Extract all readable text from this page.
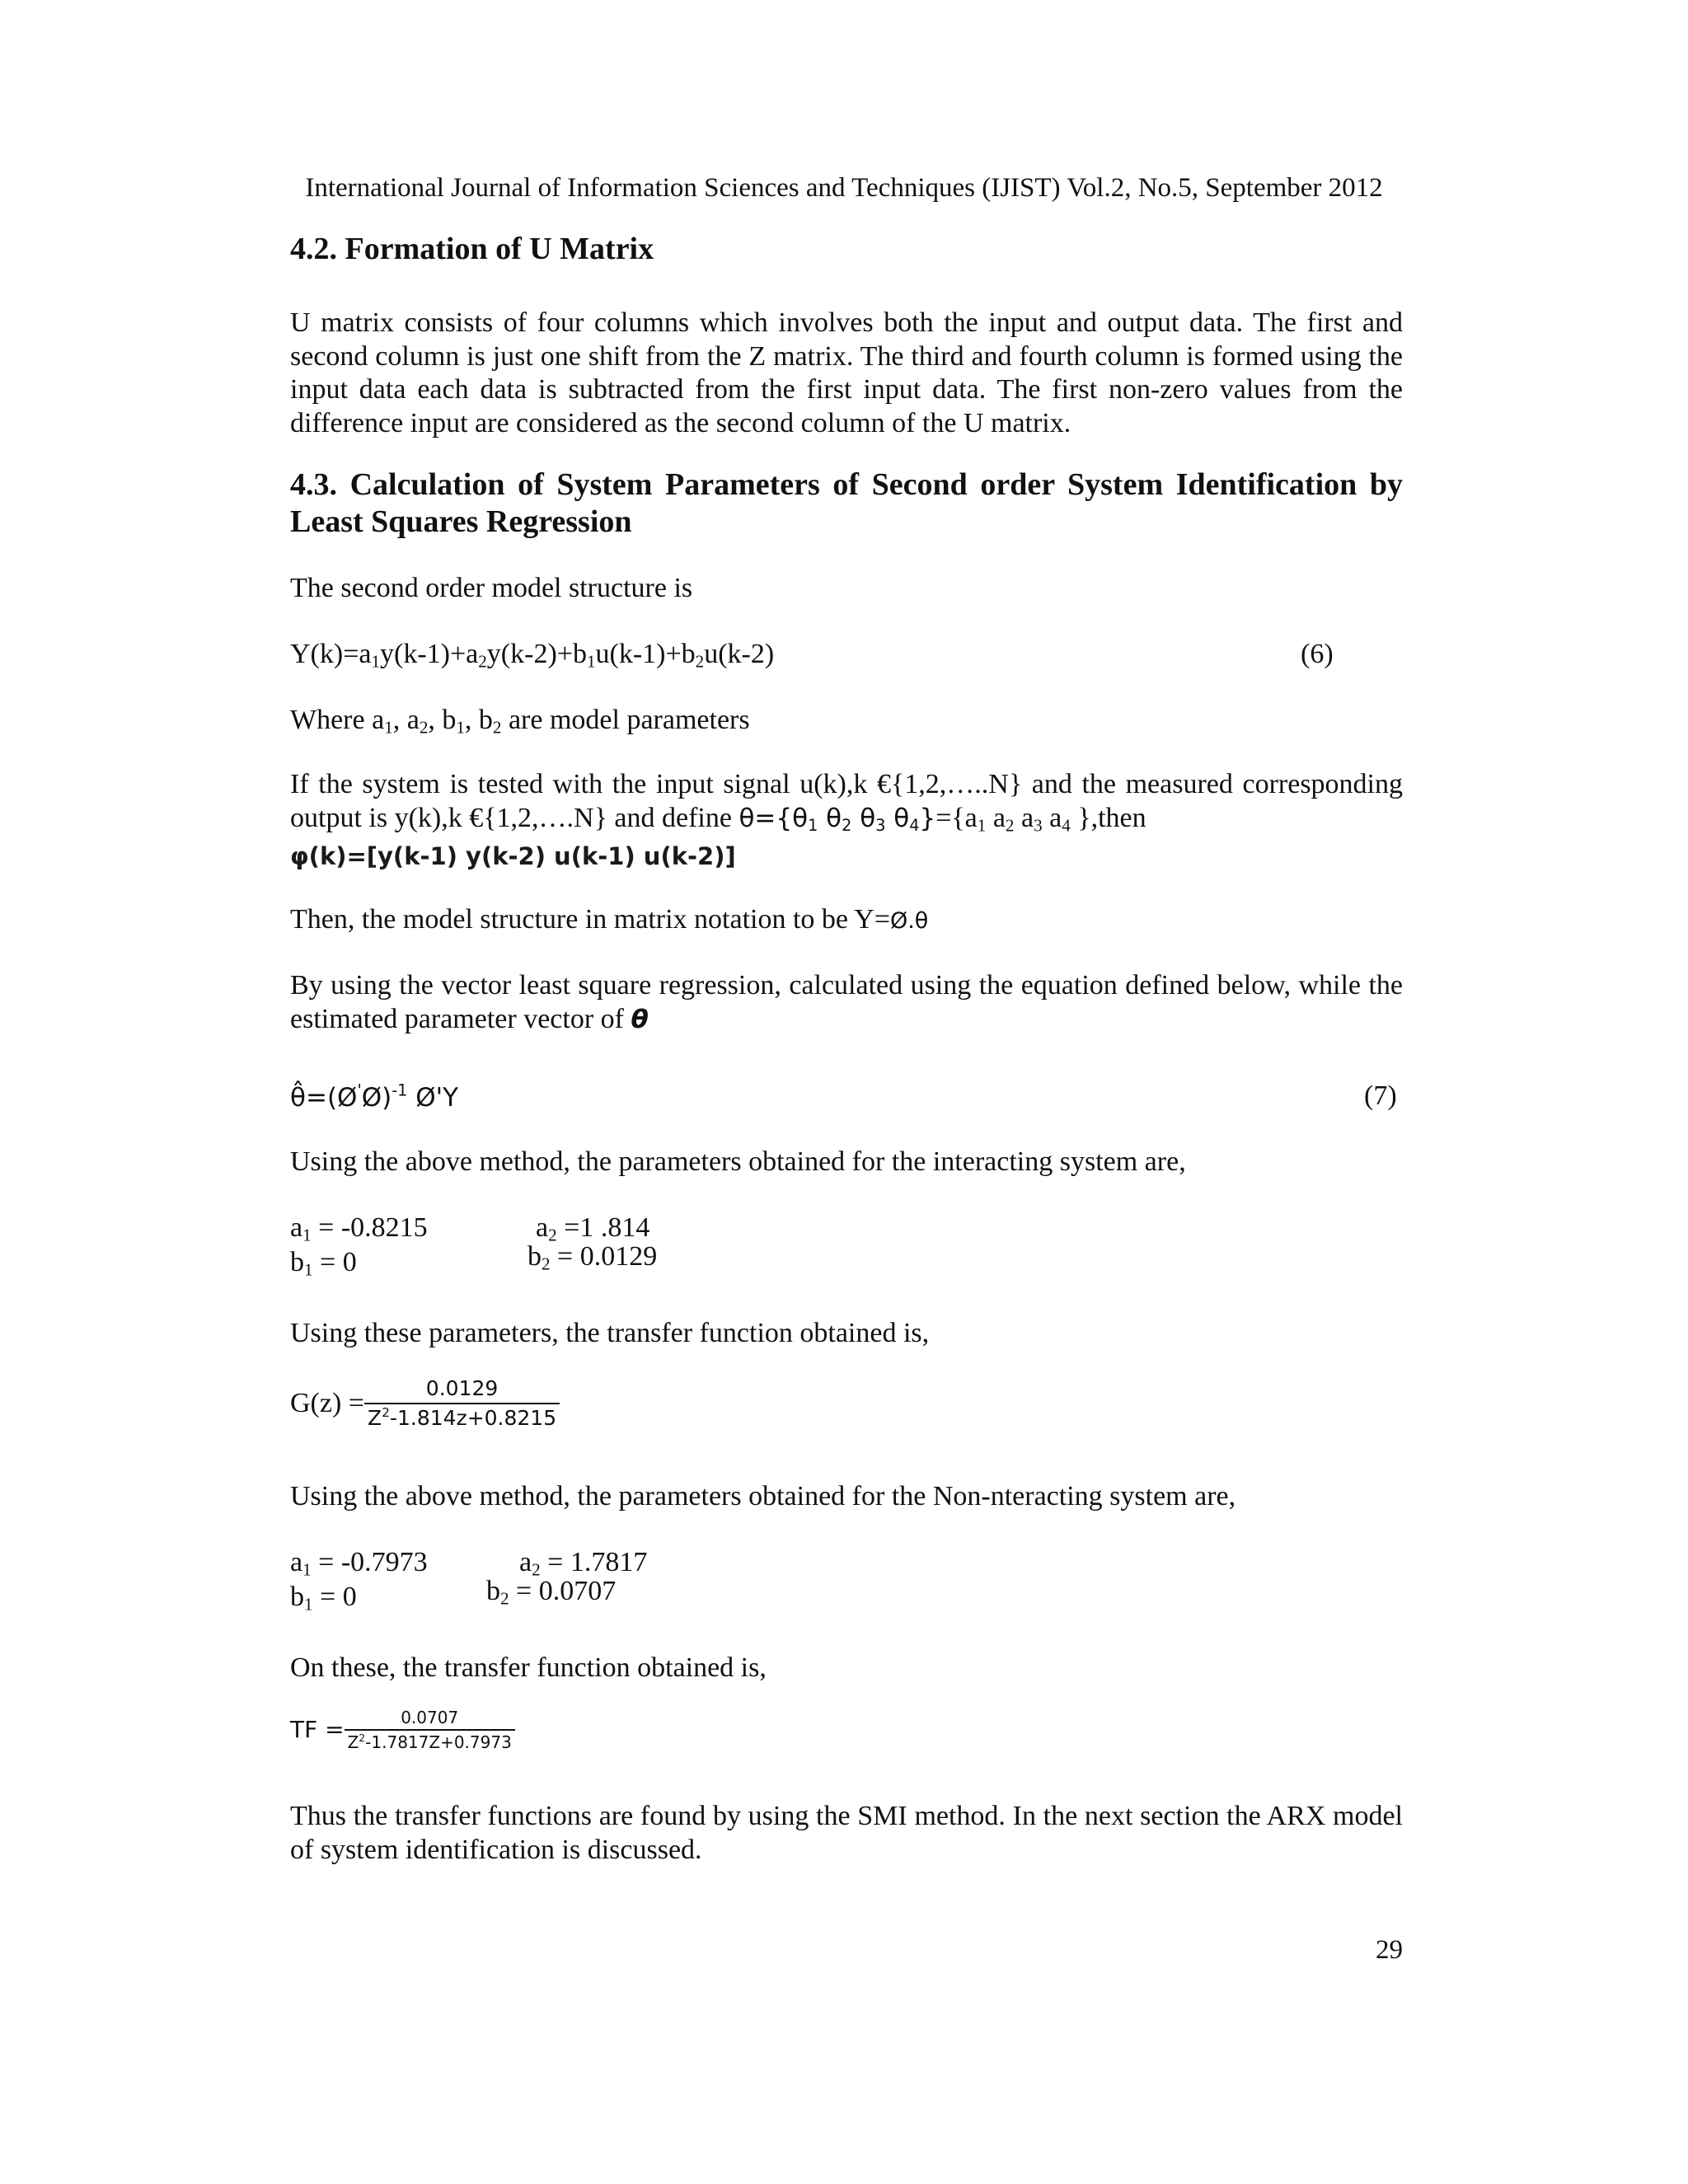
International Journal of Information Sciences and Techniques (IJIST) Vol.2, No.5, September 2012
4.2. Formation of U Matrix
U matrix consists of four columns which involves both the input and output data. The first and second column is just one shift from the Z matrix. The third and fourth column is formed using the input data each data is subtracted from the first input data. The first non-zero values from the difference input are considered as the second column of the U matrix.
4.3. Calculation of System Parameters of Second order System Identification by Least Squares Regression
The second order model structure is
$Y(k)=a_1y(k-1)+a_2y(k-2)+b_1u(k-1)+b_2u(k-2)$	(6)
Where $a_1$, $a_2$, $b_1$, $b_2$ are model parameters
If the system is tested with the input signal u(k),k €{1,2,…..N} and the measured corresponding
output is y(k),k €{1,2,….N} and define $\theta=\{\theta_1$ $\theta_2$ $\theta_3$ $\theta_4\}=\{a_1$ $a_2$ $a_3$ $a_4$ },then
φ(k)=[y(k-1) y(k-2) u(k-1) u(k-2)]
Then, the model structure in matrix notation to be Y=Ø.θ
By using the vector least square regression, calculated using the equation defined below, while the estimated parameter vector of θ
θ̂=(Ø'Ø)$^{-1}$ Ø'Y	(7)
Using the above method, the parameters obtained for the interacting system are,
$a_1 = -0.8215$	$a_2 =1$ .814
$b_1 = 0$	$b_2 = 0.0129$
Using these parameters, the transfer function obtained is,
$G(z) = \frac{0.0129}{Z^2-1.814z+0.8215}$
Using the above method, the parameters obtained for the Non-nteracting system are,
$a_1 = -0.7973$	$a_2 = 1.7817$
$b_1 = 0$	$b_2 = 0.0707$
On these, the transfer function obtained is,
TF = $\frac{0.0707}{Z^2-1.7817Z+0.7973}$
Thus the transfer functions are found by using the SMI method. In the next section the ARX model of system identification is discussed.
29
